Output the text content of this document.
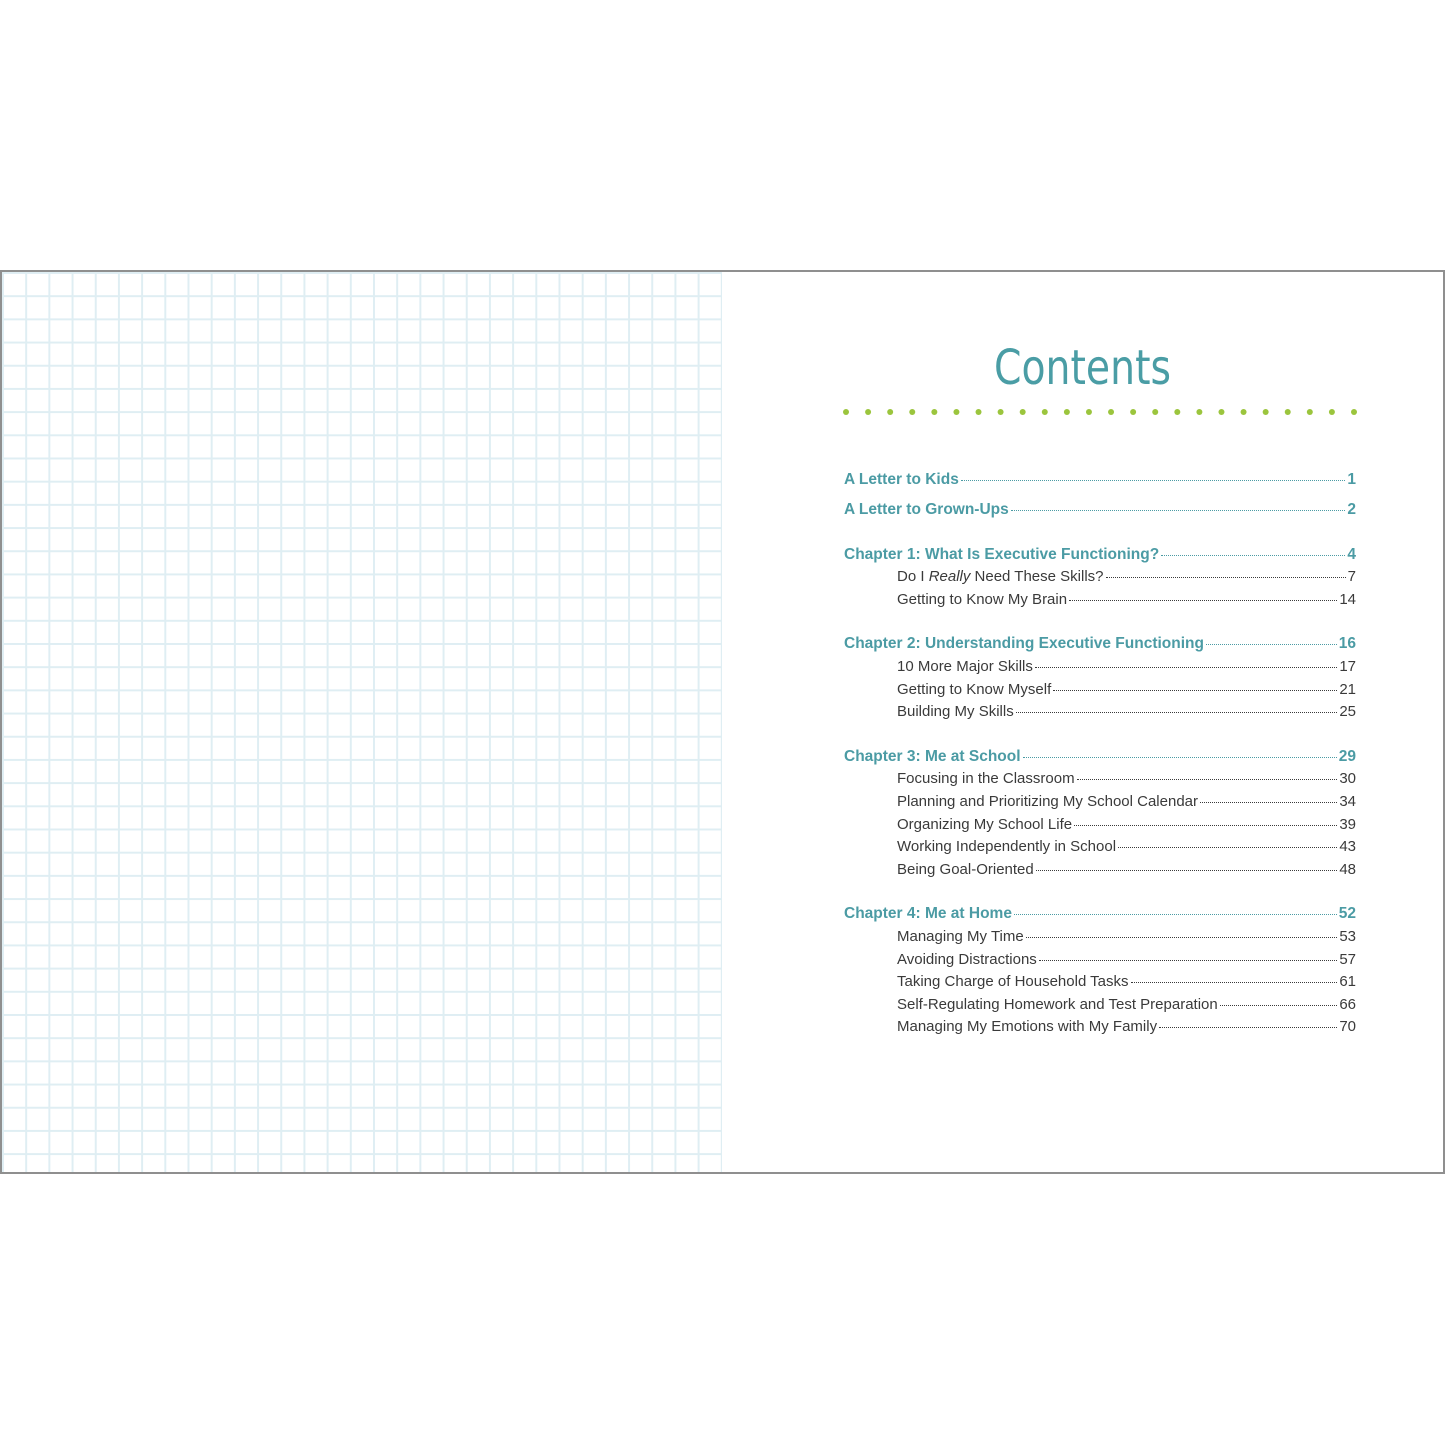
Contents
A Letter to Kids	1
A Letter to Grown-Ups	2
Chapter 1: What Is Executive Functioning?	4
Do I Really Need These Skills?	7
Getting to Know My Brain	14
Chapter 2: Understanding Executive Functioning	16
10 More Major Skills	17
Getting to Know Myself	21
Building My Skills	25
Chapter 3: Me at School	29
Focusing in the Classroom	30
Planning and Prioritizing My School Calendar	34
Organizing My School Life	39
Working Independently in School	43
Being Goal-Oriented	48
Chapter 4: Me at Home	52
Managing My Time	53
Avoiding Distractions	57
Taking Charge of Household Tasks	61
Self-Regulating Homework and Test Preparation	66
Managing My Emotions with My Family	70
